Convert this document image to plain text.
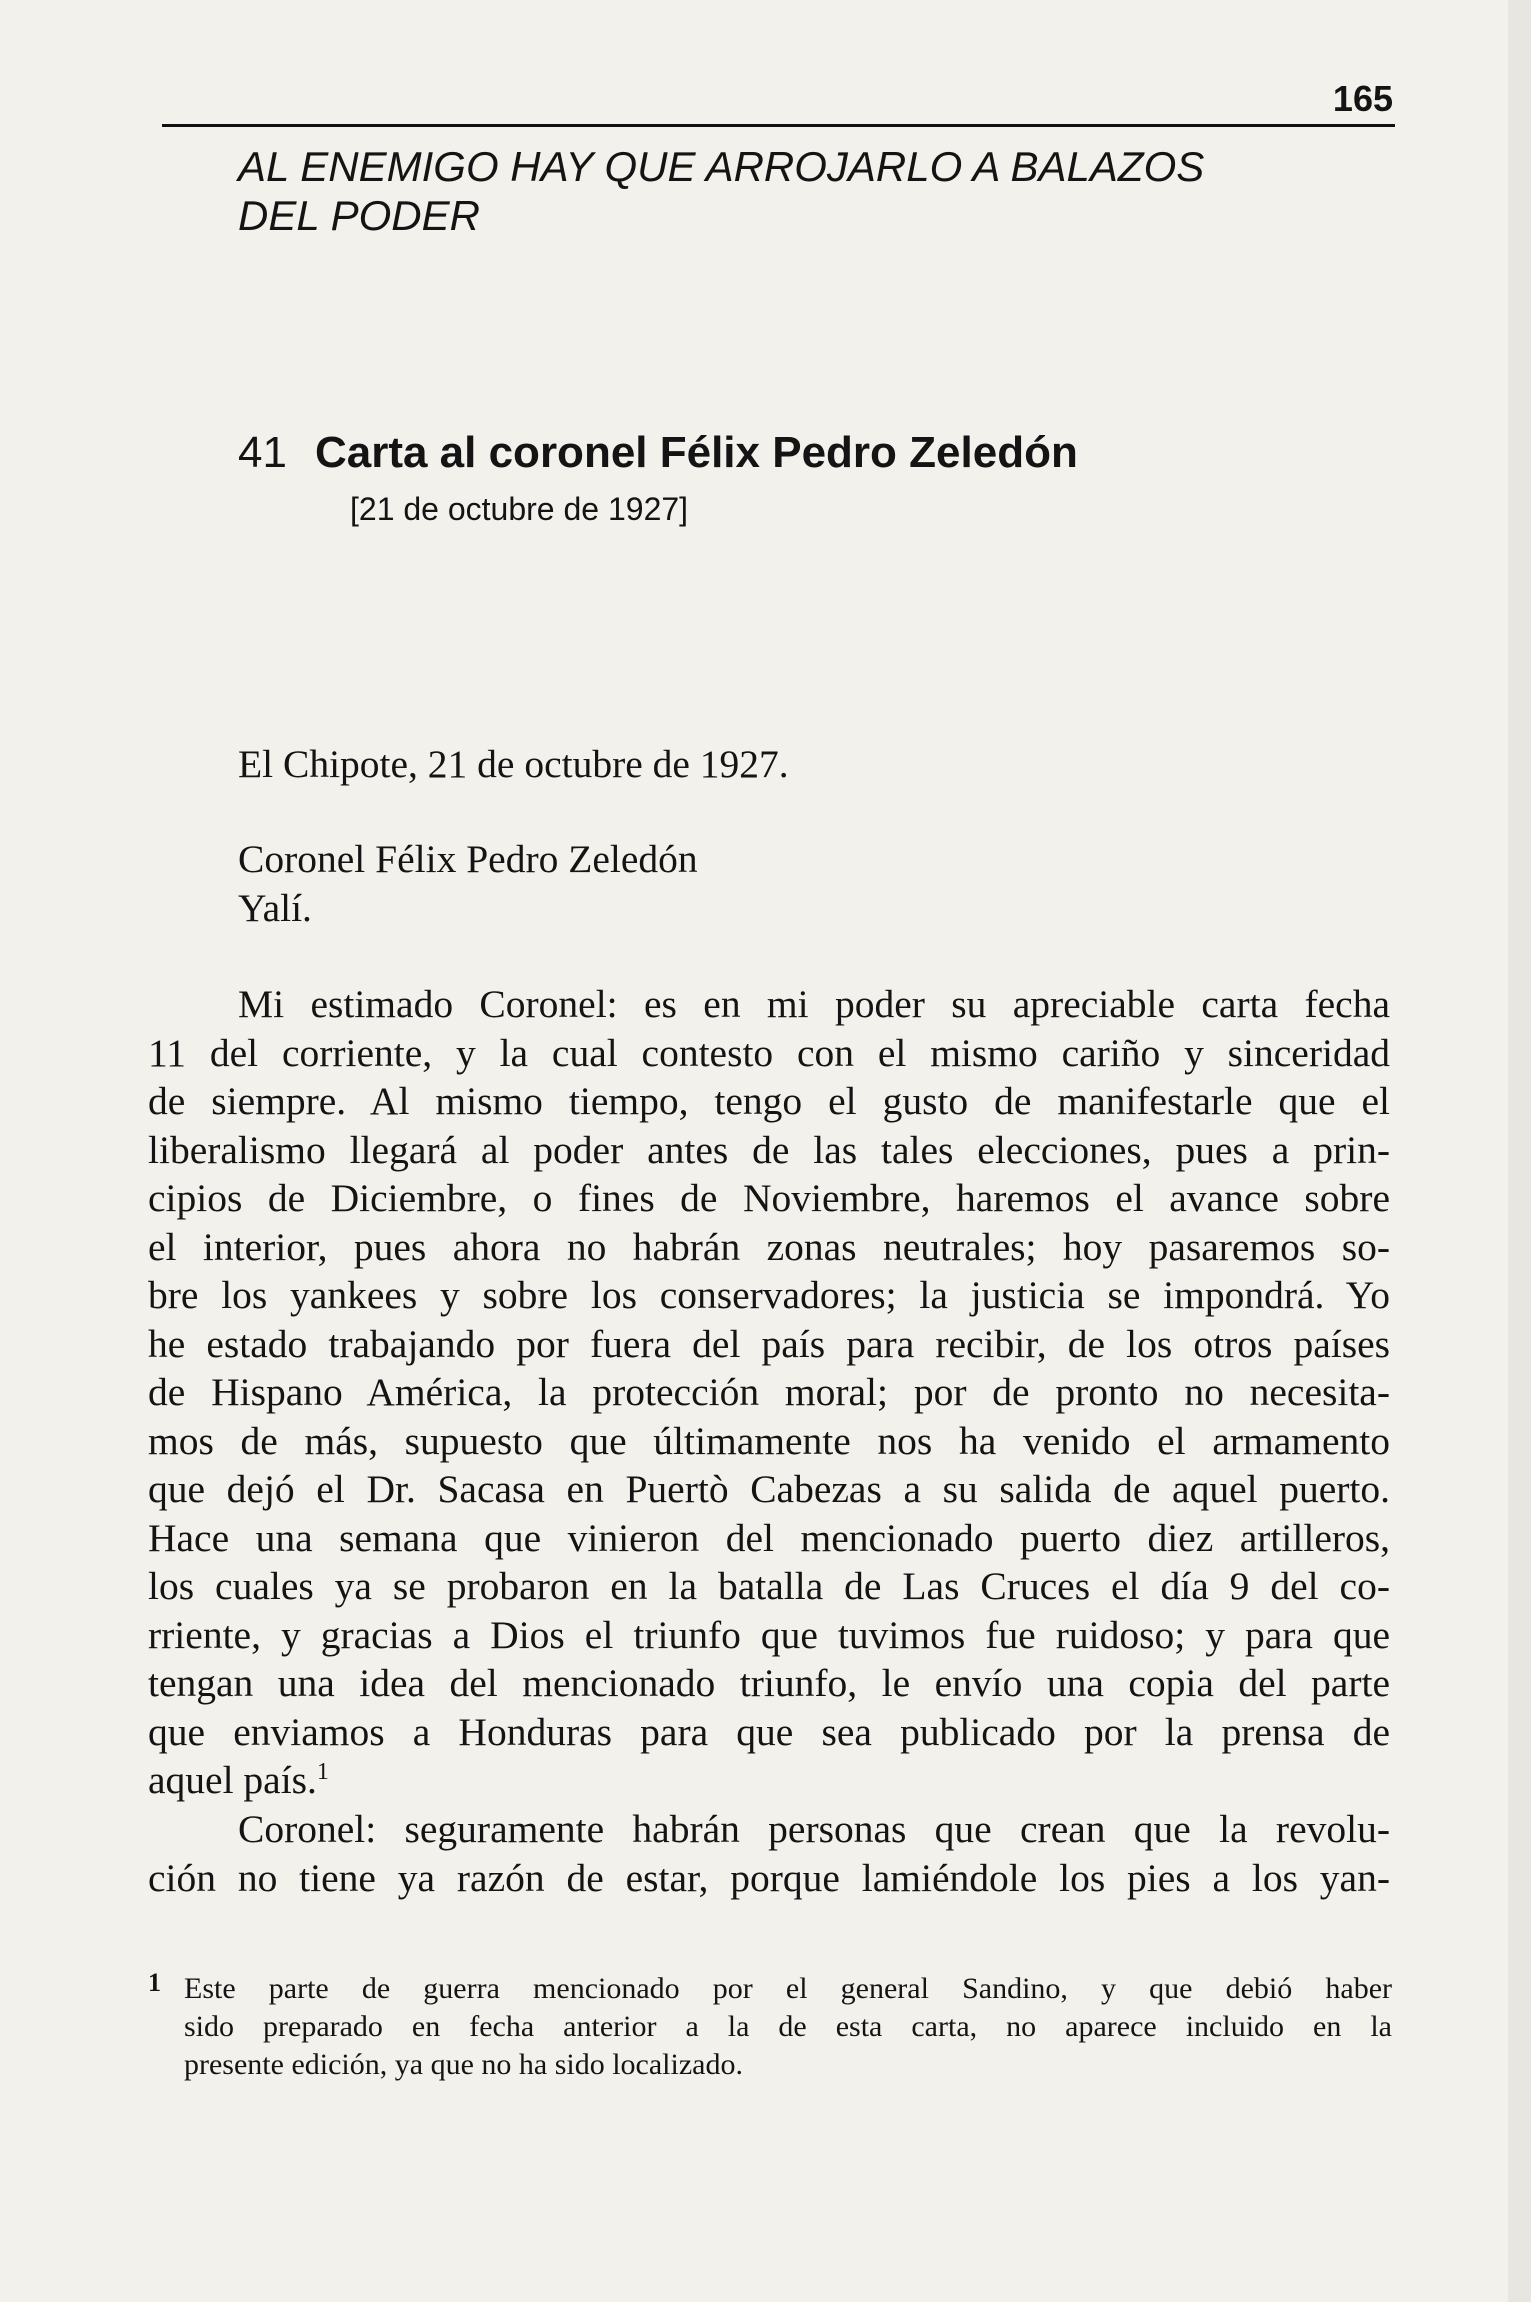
165
AL ENEMIGO HAY QUE ARROJARLO A BALAZOS
DEL PODER
41 Carta al coronel Félix Pedro Zeledón
[21 de octubre de 1927]
El Chipote, 21 de octubre de 1927.
Coronel Félix Pedro Zeledón
Yalí.
Mi estimado Coronel: es en mi poder su apreciable carta fecha
11 del corriente, y la cual contesto con el mismo cariño y sinceridad
de siempre. Al mismo tiempo, tengo el gusto de manifestarle que el
liberalismo llegará al poder antes de las tales elecciones, pues a prin-
cipios de Diciembre, o fines de Noviembre, haremos el avance sobre
el interior, pues ahora no habrán zonas neutrales; hoy pasaremos so-
bre los yankees y sobre los conservadores; la justicia se impondrá. Yo
he estado trabajando por fuera del país para recibir, de los otros países
de Hispano América, la protección moral; por de pronto no necesita-
mos de más, supuesto que últimamente nos ha venido el armamento
que dejó el Dr. Sacasa en Puertò Cabezas a su salida de aquel puerto.
Hace una semana que vinieron del mencionado puerto diez artilleros,
los cuales ya se probaron en la batalla de Las Cruces el día 9 del co-
rriente, y gracias a Dios el triunfo que tuvimos fue ruidoso; y para que
tengan una idea del mencionado triunfo, le envío una copia del parte
que enviamos a Honduras para que sea publicado por la prensa de
aquel país.$^1$
Coronel: seguramente habrán personas que crean que la revolu-
ción no tiene ya razón de estar, porque lamiéndole los pies a los yan-
1 Este parte de guerra mencionado por el general Sandino, y que debió haber
sido preparado en fecha anterior a la de esta carta, no aparece incluido en la
presente edición, ya que no ha sido localizado.
